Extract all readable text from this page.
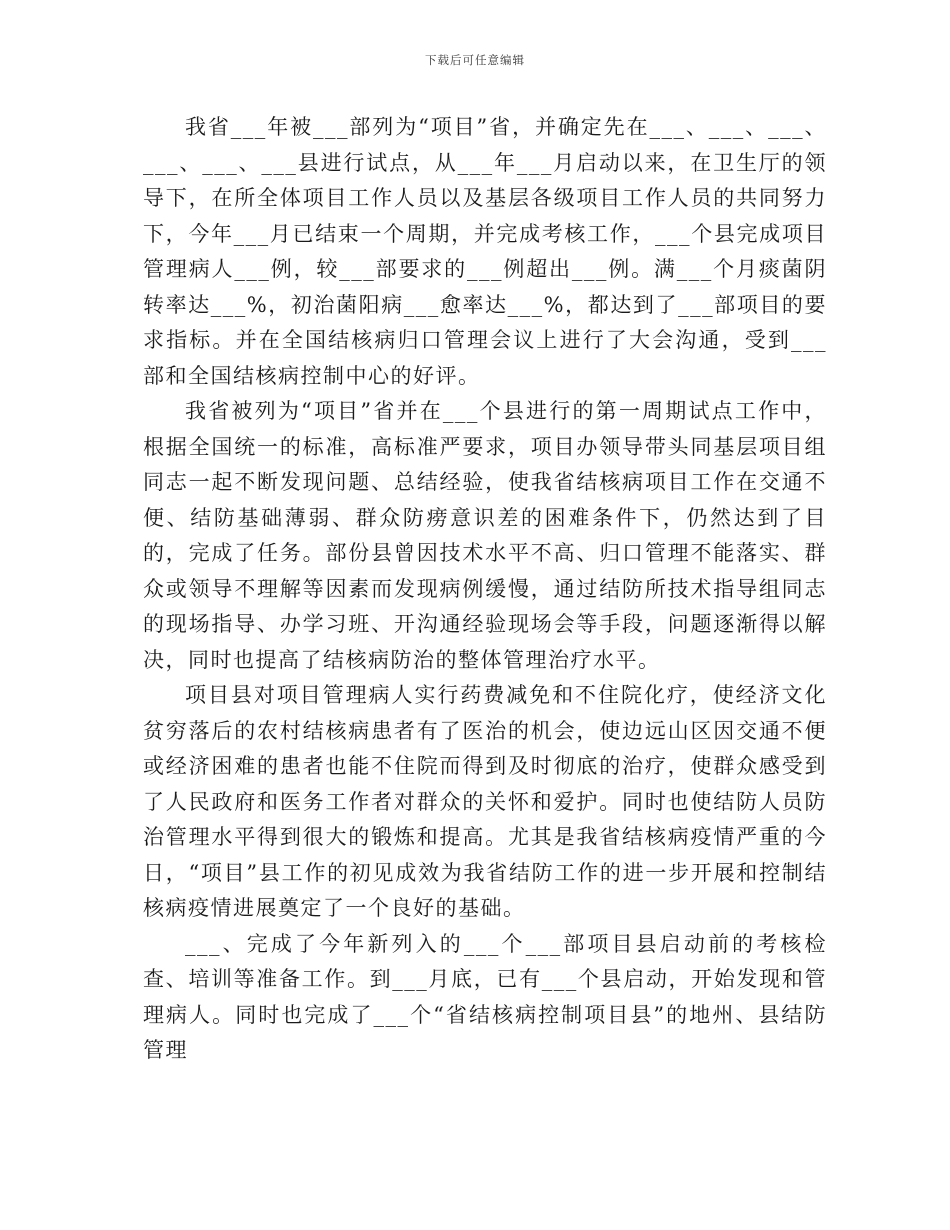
下载后可任意编辑

我省___年被___部列为“项目”省，并确定先在___、___、___、___、___、___县进行试点，从___年___月启动以来，在卫生厅的领导下，在所全体项目工作人员以及基层各级项目工作人员的共同努力下，今年___月已结束一个周期，并完成考核工作，___个县完成项目管理病人___例，较___部要求的___例超出___例。满___个月痰菌阴转率达___%，初治菌阳病___愈率达___%，都达到了___部项目的要求指标。并在全国结核病归口管理会议上进行了大会沟通，受到___部和全国结核病控制中心的好评。

我省被列为“项目”省并在___个县进行的第一周期试点工作中，根据全国统一的标准，高标准严要求，项目办领导带头同基层项目组同志一起不断发现问题、总结经验，使我省结核病项目工作在交通不便、结防基础薄弱、群众防痨意识差的困难条件下，仍然达到了目的，完成了任务。部份县曾因技术水平不高、归口管理不能落实、群众或领导不理解等因素而发现病例缓慢，通过结防所技术指导组同志的现场指导、办学习班、开沟通经验现场会等手段，问题逐渐得以解决，同时也提高了结核病防治的整体管理治疗水平。

项目县对项目管理病人实行药费减免和不住院化疗，使经济文化贫穷落后的农村结核病患者有了医治的机会，使边远山区因交通不便或经济困难的患者也能不住院而得到及时彻底的治疗，使群众感受到了人民政府和医务工作者对群众的关怀和爱护。同时也使结防人员防治管理水平得到很大的锻炼和提高。尤其是我省结核病疫情严重的今日，“项目”县工作的初见成效为我省结防工作的进一步开展和控制结核病疫情进展奠定了一个良好的基础。

___、完成了今年新列入的___个___部项目县启动前的考核检查、培训等准备工作。到___月底，已有___个县启动，开始发现和管理病人。同时也完成了___个“省结核病控制项目县”的地州、县结防管理
